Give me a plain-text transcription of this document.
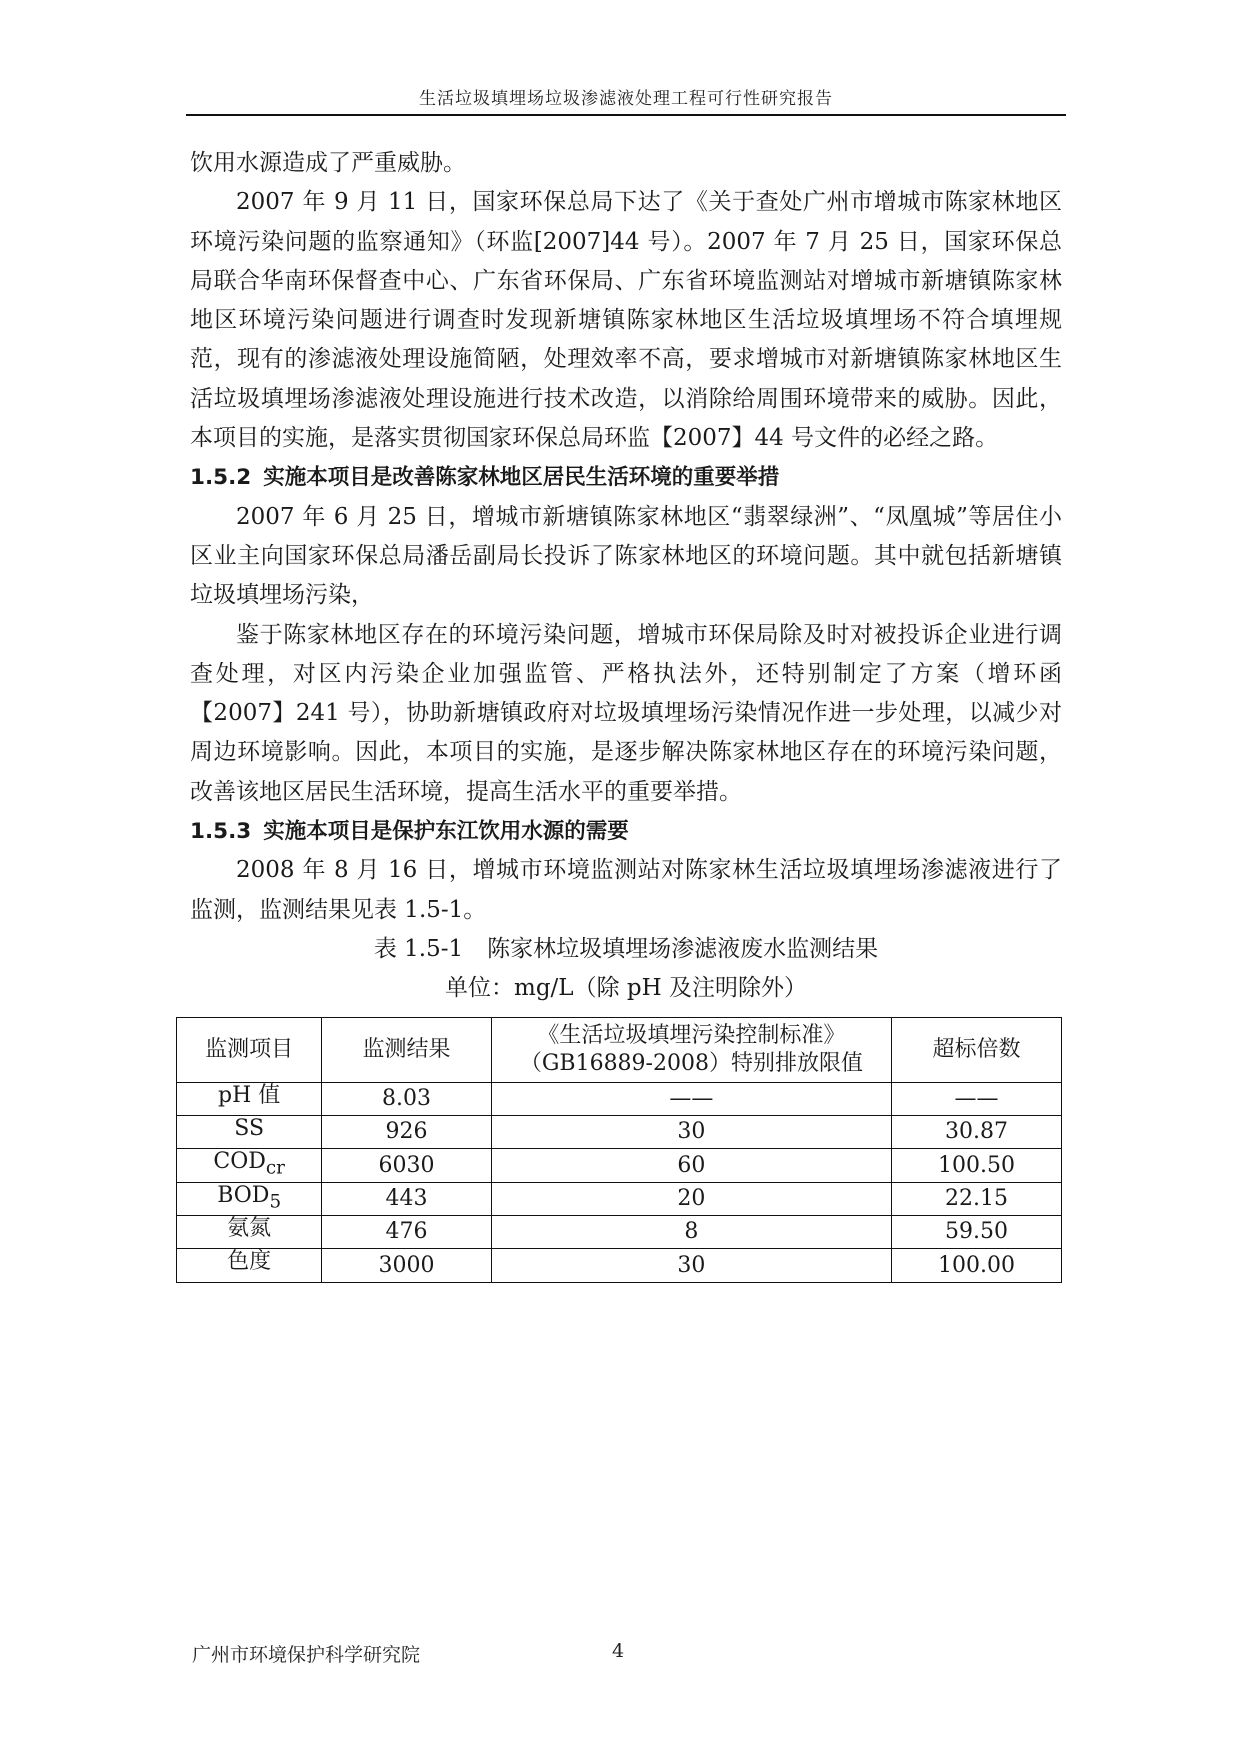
生活垃圾填埋场垃圾渗滤液处理工程可行性研究报告

饮用水源造成了严重威胁。

2007 年 9 月 11 日，国家环保总局下达了《关于查处广州市增城市陈家林地区环境污染问题的监察通知》（环监[2007]44 号）。2007 年 7 月 25 日，国家环保总局联合华南环保督查中心、广东省环保局、广东省环境监测站对增城市新塘镇陈家林地区环境污染问题进行调查时发现新塘镇陈家林地区生活垃圾填埋场不符合填埋规范，现有的渗滤液处理设施简陋，处理效率不高，要求增城市对新塘镇陈家林地区生活垃圾填埋场渗滤液处理设施进行技术改造，以消除给周围环境带来的威胁。因此，本项目的实施，是落实贯彻国家环保总局环监【2007】44 号文件的必经之路。

1.5.2 实施本项目是改善陈家林地区居民生活环境的重要举措

2007 年 6 月 25 日，增城市新塘镇陈家林地区“翡翠绿洲”、“凤凰城”等居住小区业主向国家环保总局潘岳副局长投诉了陈家林地区的环境问题。其中就包括新塘镇垃圾填埋场污染，

鉴于陈家林地区存在的环境污染问题，增城市环保局除及时对被投诉企业进行调查处理，对区内污染企业加强监管、严格执法外，还特别制定了方案（增环函【2007】241 号），协助新塘镇政府对垃圾填埋场污染情况作进一步处理，以减少对周边环境影响。因此，本项目的实施，是逐步解决陈家林地区存在的环境污染问题，改善该地区居民生活环境，提高生活水平的重要举措。

1.5.3 实施本项目是保护东江饮用水源的需要

2008 年 8 月 16 日，增城市环境监测站对陈家林生活垃圾填埋场渗滤液进行了监测，监测结果见表 1.5-1。

表 1.5-1 陈家林垃圾填埋场渗滤液废水监测结果

单位：mg/L（除 pH 及注明除外）

监测项目	监测结果	《生活垃圾填埋污染控制标准》
（GB16889-2008）特别排放限值	超标倍数
pH 值	8.03	——	——
SS	926	30	30.87
$COD_{cr}$	6030	60	100.50
$BOD_5$	443	20	22.15
氨氮	476	8	59.50
色度	3000	30	100.00
广州市环境保护科学研究院	4
